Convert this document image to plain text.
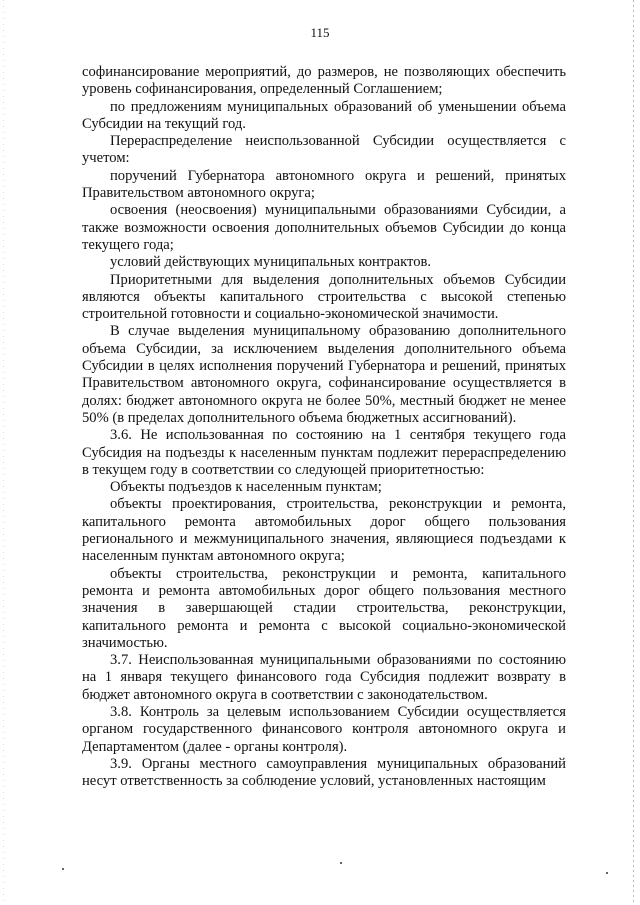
115

софинансирование мероприятий, до размеров, не позволяющих обеспечить уровень софинансирования, определенный Соглашением;

по предложениям муниципальных образований об уменьшении объема Субсидии на текущий год.

Перераспределение неиспользованной Субсидии осуществляется с учетом:

поручений Губернатора автономного округа и решений, принятых Правительством автономного округа;

освоения (неосвоения) муниципальными образованиями Субсидии, а также возможности освоения дополнительных объемов Субсидии до конца текущего года;

условий действующих муниципальных контрактов.

Приоритетными для выделения дополнительных объемов Субсидии являются объекты капитального строительства с высокой степенью строительной готовности и социально-экономической значимости.

В случае выделения муниципальному образованию дополнительного объема Субсидии, за исключением выделения дополнительного объема Субсидии в целях исполнения поручений Губернатора и решений, принятых Правительством автономного округа, софинансирование осуществляется в долях: бюджет автономного округа не более 50%, местный бюджет не менее 50% (в пределах дополнительного объема бюджетных ассигнований).

3.6. Не использованная по состоянию на 1 сентября текущего года Субсидия на подъезды к населенным пунктам подлежит перераспределению в текущем году в соответствии со следующей приоритетностью:

Объекты подъездов к населенным пунктам;

объекты проектирования, строительства, реконструкции и ремонта, капитального ремонта автомобильных дорог общего пользования регионального и межмуниципального значения, являющиеся подъездами к населенным пунктам автономного округа;

объекты строительства, реконструкции и ремонта, капитального ремонта и ремонта автомобильных дорог общего пользования местного значения в завершающей стадии строительства, реконструкции, капитального ремонта и ремонта с высокой социально-экономической значимостью.

3.7. Неиспользованная муниципальными образованиями по состоянию на 1 января текущего финансового года Субсидия подлежит возврату в бюджет автономного округа в соответствии с законодательством.

3.8. Контроль за целевым использованием Субсидии осуществляется органом государственного финансового контроля автономного округа и Департаментом (далее - органы контроля).

3.9. Органы местного самоуправления муниципальных образований несут ответственность за соблюдение условий, установленных настоящим
